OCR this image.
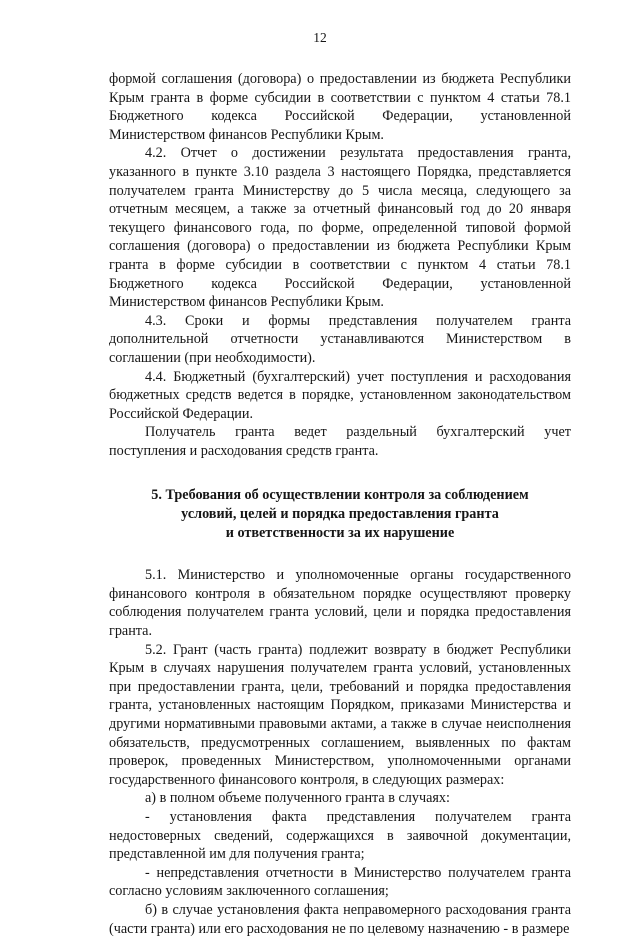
12

формой соглашения (договора) о предоставлении из бюджета Республики Крым гранта в форме субсидии в соответствии с пунктом 4 статьи 78.1 Бюджетного кодекса Российской Федерации, установленной Министерством финансов Республики Крым.

4.2. Отчет о достижении результата предоставления гранта, указанного в пункте 3.10 раздела 3 настоящего Порядка, представляется получателем гранта Министерству до 5 числа месяца, следующего за отчетным месяцем, а также за отчетный финансовый год до 20 января текущего финансового года, по форме, определенной типовой формой соглашения (договора) о предоставлении из бюджета Республики Крым гранта в форме субсидии в соответствии с пунктом 4 статьи 78.1 Бюджетного кодекса Российской Федерации, установленной Министерством финансов Республики Крым.

4.3. Сроки и формы представления получателем гранта дополнительной отчетности устанавливаются Министерством в соглашении (при необходимости).

4.4. Бюджетный (бухгалтерский) учет поступления и расходования бюджетных средств ведется в порядке, установленном законодательством Российской Федерации.

Получатель гранта ведет раздельный бухгалтерский учет поступления и расходования средств гранта.

5. Требования об осуществлении контроля за соблюдением
условий, целей и порядка предоставления гранта
и ответственности за их нарушение

5.1. Министерство и уполномоченные органы государственного финансового контроля в обязательном порядке осуществляют проверку соблюдения получателем гранта условий, цели и порядка предоставления гранта.

5.2. Грант (часть гранта) подлежит возврату в бюджет Республики Крым в случаях нарушения получателем гранта условий, установленных при предоставлении гранта, цели, требований и порядка предоставления гранта, установленных настоящим Порядком, приказами Министерства и другими нормативными правовыми актами, а также в случае неисполнения обязательств, предусмотренных соглашением, выявленных по фактам проверок, проведенных Министерством, уполномоченными органами государственного финансового контроля, в следующих размерах:

а) в полном объеме полученного гранта в случаях:

- установления факта представления получателем гранта недостоверных сведений, содержащихся в заявочной документации, представленной им для получения гранта;

- непредставления отчетности в Министерство получателем гранта согласно условиям заключенного соглашения;

б) в случае установления факта неправомерного расходования гранта (части гранта) или его расходования не по целевому назначению - в размере
